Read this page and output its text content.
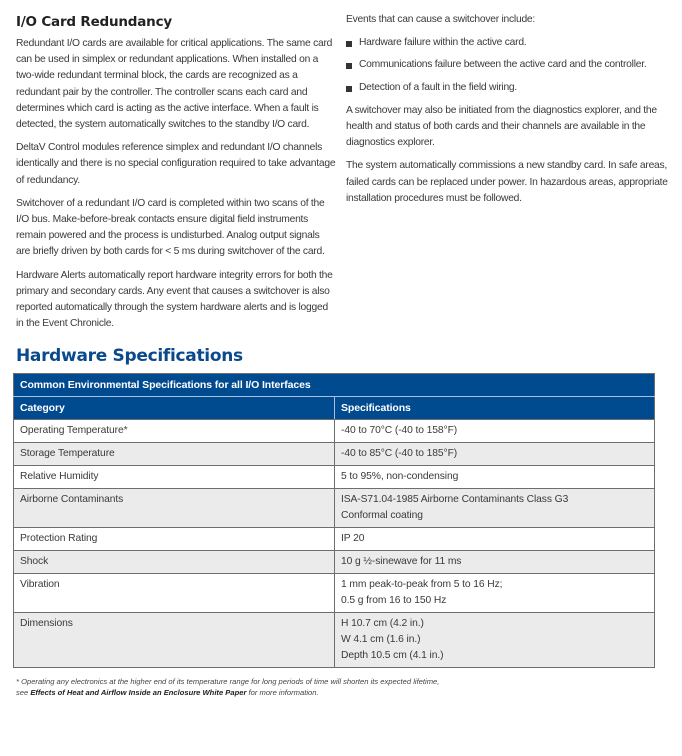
I/O Card Redundancy

Redundant I/O cards are available for critical applications. The same card can be used in simplex or redundant applications. When installed on a two-wide redundant terminal block, the cards are recognized as a redundant pair by the controller. The controller scans each card and determines which card is acting as the active interface. When a fault is detected, the system automatically switches to the standby I/O card.

DeltaV Control modules reference simplex and redundant I/O channels identically and there is no special configuration required to take advantage of redundancy.

Switchover of a redundant I/O card is completed within two scans of the I/O bus. Make-before-break contacts ensure digital field instruments remain powered and the process is undisturbed. Analog output signals are briefly driven by both cards for < 5 ms during switchover of the card.

Hardware Alerts automatically report hardware integrity errors for both the primary and secondary cards. Any event that causes a switchover is also reported automatically through the system hardware alerts and is logged in the Event Chronicle.

Events that can cause a switchover include:

Hardware failure within the active card.
Communications failure between the active card and the controller.
Detection of a fault in the field wiring.

A switchover may also be initiated from the diagnostics explorer, and the health and status of both cards and their channels are available in the diagnostics explorer.

The system automatically commissions a new standby card. In safe areas, failed cards can be replaced under power. In hazardous areas, appropriate installation procedures must be followed.

Hardware Specifications
Common Environmental Specifications for all I/O Interfaces	
Category	Specifications
Operating Temperature*	-40 to 70°C (-40 to 158°F)

Storage Temperature	-40 to 85°C (-40 to 185°F)

Relative Humidity	5 to 95%, non-condensing

Airborne Contaminants	ISA-S71.04-1985 Airborne Contaminants Class G3
Conformal coating

Protection Rating	IP 20

Shock	10 g ½-sinewave for 11 ms

Vibration	1 mm peak-to-peak from 5 to 16 Hz;
0.5 g from 16 to 150 Hz

Dimensions	H 10.7 cm (4.2 in.)
W 4.1 cm (1.6 in.)
Depth 10.5 cm (4.1 in.)
* Operating any electronics at the higher end of its temperature range for long periods of time will shorten its expected lifetime,
see Effects of Heat and Airflow Inside an Enclosure White Paper for more information.
